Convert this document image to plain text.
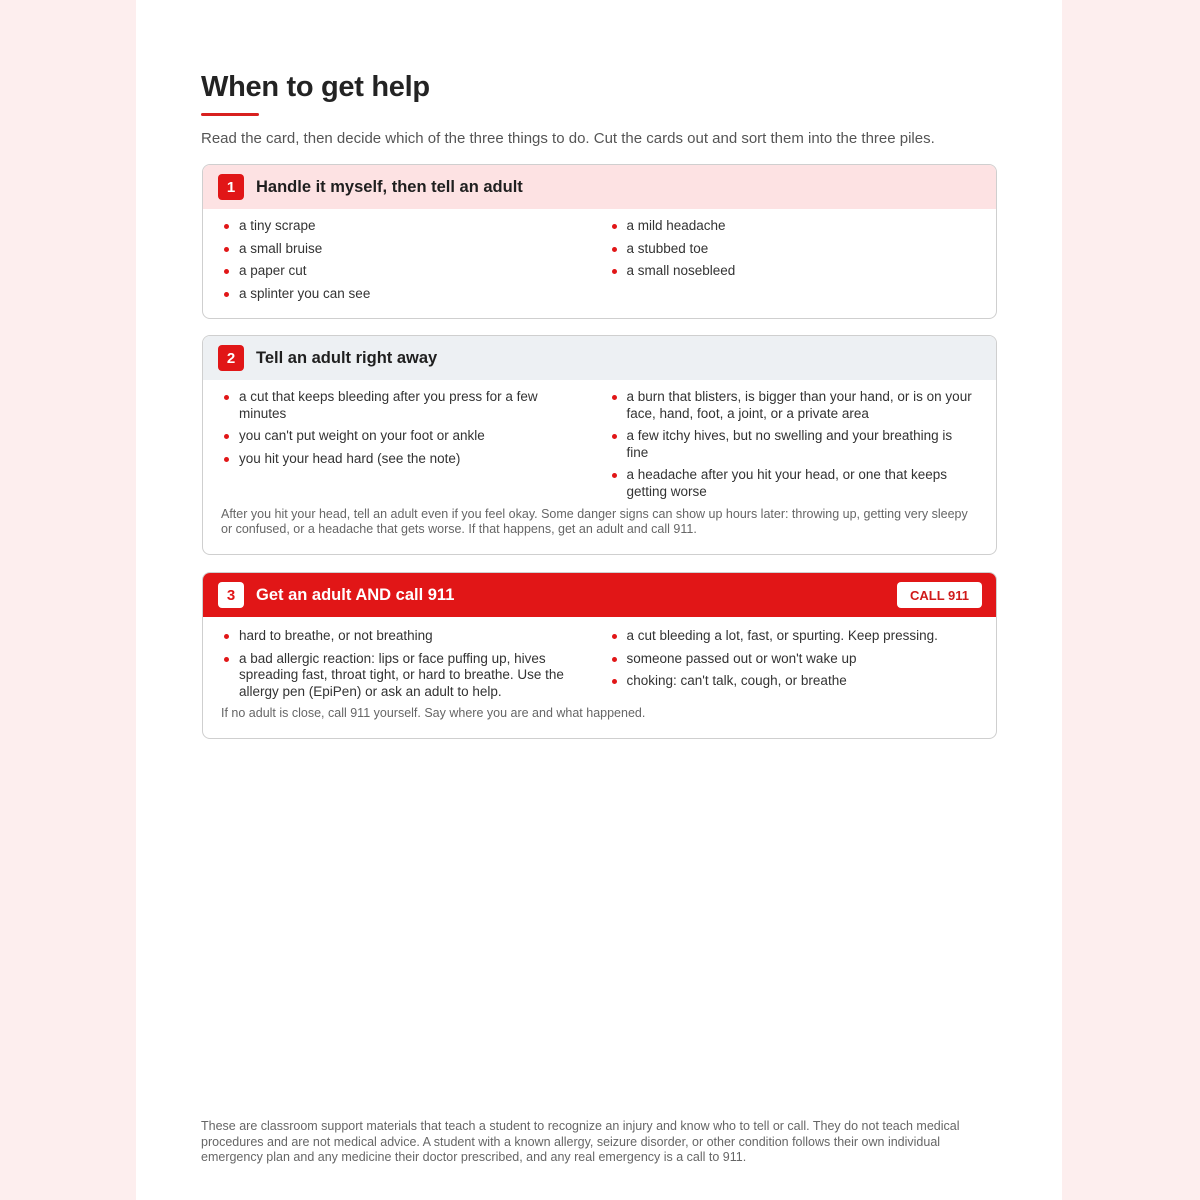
When to get help

Read the card, then decide which of the three things to do. Cut the cards out and sort them into the three piles.

1	Handle it myself, then tell an adult
a tiny scrape
a small bruise
a paper cut
a splinter you can see
a mild headache
a stubbed toe
a small nosebleed
2	Tell an adult right away
a cut that keeps bleeding after you press for a few minutes
you can't put weight on your foot or ankle
you hit your head hard (see the note)
a burn that blisters, is bigger than your hand, or is on your face, hand, foot, a joint, or a private area
a few itchy hives, but no swelling and your breathing is fine
a headache after you hit your head, or one that keeps getting worse

After you hit your head, tell an adult even if you feel okay. Some danger signs can show up hours later: throwing up, getting very sleepy or confused, or a headache that gets worse. If that happens, get an adult and call 911.

3	Get an adult AND call 911	CALL 911
hard to breathe, or not breathing
a bad allergic reaction: lips or face puffing up, hives spreading fast, throat tight, or hard to breathe. Use the allergy pen (EpiPen) or ask an adult to help.
a cut bleeding a lot, fast, or spurting. Keep pressing.
someone passed out or won't wake up
choking: can't talk, cough, or breathe

If no adult is close, call 911 yourself. Say where you are and what happened.

These are classroom support materials that teach a student to recognize an injury and know who to tell or call. They do not teach medical procedures and are not medical advice. A student with a known allergy, seizure disorder, or other condition follows their own individual emergency plan and any medicine their doctor prescribed, and any real emergency is a call to 911.
